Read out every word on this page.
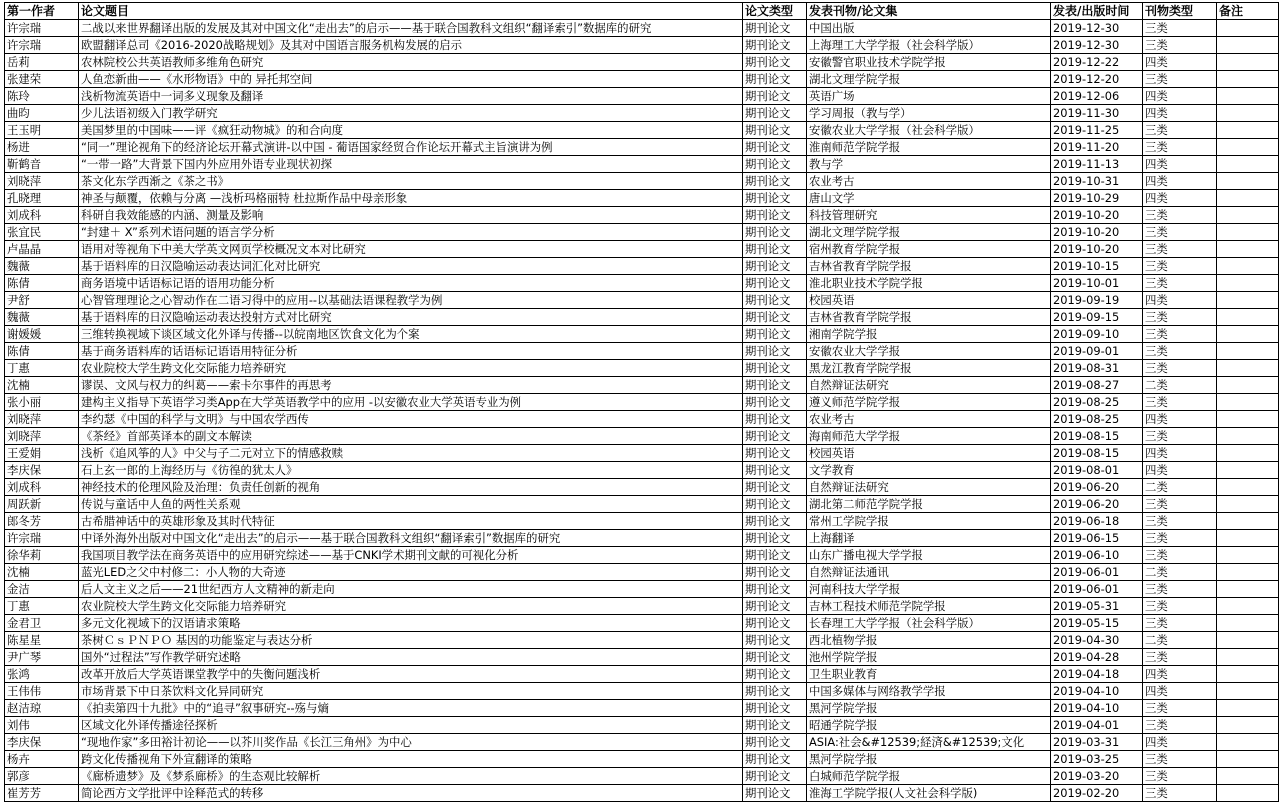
第一作者	论文题目	论文类型	发表刊物/论文集	发表/出版时间	刊物类型	备注
许宗瑞	二战以来世界翻译出版的发展及其对中国文化“走出去”的启示——基于联合国教科文组织“翻译索引”数据库的研究	期刊论文	中国出版	2019-12-30	三类	
许宗瑞	欧盟翻译总司《2016-2020战略规划》及其对中国语言服务机构发展的启示	期刊论文	上海理工大学学报（社会科学版）	2019-12-30	三类	
岳莉	农林院校公共英语教师多维角色研究	期刊论文	安徽警官职业技术学院学报	2019-12-22	四类	
张建荣	人鱼恋新曲——《水形物语》中的 异托邦空间	期刊论文	湖北文理学院学报	2019-12-20	三类	
陈玲	浅析物流英语中一词多义现象及翻译	期刊论文	英语广场	2019-12-06	四类	
曲昀	少儿法语初级入门教学研究	期刊论文	学习周报（教与学）	2019-11-30	四类	
王玉明	美国梦里的中国味——评《疯狂动物城》的和合向度	期刊论文	安徽农业大学学报（社会科学版）	2019-11-25	三类	
杨进	“同一”理论视角下的经济论坛开幕式演讲-以中国 - 葡语国家经贸合作论坛开幕式主旨演讲为例	期刊论文	淮南师范学院学报	2019-11-20	三类	
靳鹤音	“一带一路”大背景下国内外应用外语专业现状初探	期刊论文	教与学	2019-11-13	四类	
刘晓萍	茶文化东学西渐之《茶之书》	期刊论文	农业考古	2019-10-31	四类	
孔晓理	神圣与颠覆，依赖与分离 —浅析玛格丽特 杜拉斯作品中母亲形象	期刊论文	唐山文学	2019-10-29	四类	
刘成科	科研自我效能感的内涵、测量及影响	期刊论文	科技管理研究	2019-10-20	三类	
张宜民	“封建＋ X”系列术语问题的语言学分析	期刊论文	湖北文理学院学报	2019-10-20	三类	
卢晶晶	语用对等视角下中美大学英文网页学校概况文本对比研究	期刊论文	宿州教育学院学报	2019-10-20	三类	
魏薇	基于语料库的日汉隐喻运动表达词汇化对比研究	期刊论文	吉林省教育学院学报	2019-10-15	三类	
陈倩	商务语境中话语标记语的语用功能分析	期刊论文	淮北职业技术学院学报	2019-10-01	三类	
尹舒	心智管理理论之心智动作在二语习得中的应用--以基础法语课程教学为例	期刊论文	校园英语	2019-09-19	四类	
魏薇	基于语料库的日汉隐喻运动表达投射方式对比研究	期刊论文	吉林省教育学院学报	2019-09-15	三类	
谢媛媛	三维转换视域下谈区域文化外译与传播--以皖南地区饮食文化为个案	期刊论文	湘南学院学报	2019-09-10	三类	
陈倩	基于商务语料库的话语标记语语用特征分析	期刊论文	安徽农业大学学报	2019-09-01	三类	
丁惠	农业院校大学生跨文化交际能力培养研究	期刊论文	黑龙江教育学院学报	2019-08-31	三类	
沈楠	谬误、文风与权力的纠葛——索卡尔事件的再思考	期刊论文	自然辩证法研究	2019-08-27	二类	
张小丽	建构主义指导下英语学习类App在大学英语教学中的应用 -以安徽农业大学英语专业为例	期刊论文	遵义师范学院学报	2019-08-25	三类	
刘晓萍	李约瑟《中国的科学与文明》与中国农学西传	期刊论文	农业考古	2019-08-25	四类	
刘晓萍	《茶经》首部英译本的副文本解读	期刊论文	海南师范大学学报	2019-08-15	三类	
王爱娟	浅析《追风筝的人》中父与子二元对立下的情感救赎	期刊论文	校园英语	2019-08-15	四类	
李庆保	石上玄一郎的上海经历与《彷徨的犹太人》	期刊论文	文学教育	2019-08-01	四类	
刘成科	神经技术的伦理风险及治理：负责任创新的视角	期刊论文	自然辩证法研究	2019-06-20	二类	
周跃新	传说与童话中人鱼的两性关系观	期刊论文	湖北第二师范学院学报	2019-06-20	三类	
郎冬芳	古希腊神话中的英雄形象及其时代特征	期刊论文	常州工学院学报	2019-06-18	三类	
许宗瑞	中译外海外出版对中国文化“走出去”的启示——基于联合国教科文组织“翻译索引”数据库的研究	期刊论文	上海翻译	2019-06-15	三类	
徐华莉	我国项目教学法在商务英语中的应用研究综述——基于CNKI学术期刊文献的可视化分析	期刊论文	山东广播电视大学学报	2019-06-10	三类	
沈楠	蓝光LED之父中村修二：小人物的大奇迹	期刊论文	自然辩证法通讯	2019-06-01	二类	
金洁	后人文主义之后——21世纪西方人文精神的新走向	期刊论文	河南科技大学学报	2019-06-01	三类	
丁惠	农业院校大学生跨文化交际能力培养研究	期刊论文	吉林工程技术师范学院学报	2019-05-31	三类	
金君卫	多元文化视域下的汉语请求策略	期刊论文	长春理工大学学报（社会科学版）	2019-05-15	三类	
陈星星	茶树ＣｓＰＮＰＯ 基因的功能鉴定与表达分析	期刊论文	西北植物学报	2019-04-30	二类	
尹广琴	国外“过程法”写作教学研究述略	期刊论文	池州学院学报	2019-04-28	三类	
张鸿	改革开放后大学英语课堂教学中的失衡问题浅析	期刊论文	卫生职业教育	2019-04-18	四类	
王伟伟	市场背景下中日茶饮料文化异同研究	期刊论文	中国多媒体与网络教学学报	2019-04-10	四类	
赵洁琼	《拍卖第四十九批》中的“追寻”叙事研究--殇与熵	期刊论文	黑河学院学报	2019-04-10	三类	
刘伟	区域文化外译传播途径探析	期刊论文	昭通学院学报	2019-04-01	三类	
李庆保	“现地作家”多田裕计初论——以芥川奖作品《长江三角州》为中心	期刊论文	ASIA:社会&#12539;経済&#12539;文化	2019-03-31	四类	
杨卉	跨文化传播视角下外宣翻译的策略	期刊论文	黑河学院学报	2019-03-25	三类	
郭彦	《廊桥遗梦》及《梦系廊桥》的生态观比较解析	期刊论文	白城师范学院学报	2019-03-20	三类	
崔芳芳	简论西方文学批评中诠释范式的转移	期刊论文	淮海工学院学报(人文社会科学版)	2019-02-20	三类	
